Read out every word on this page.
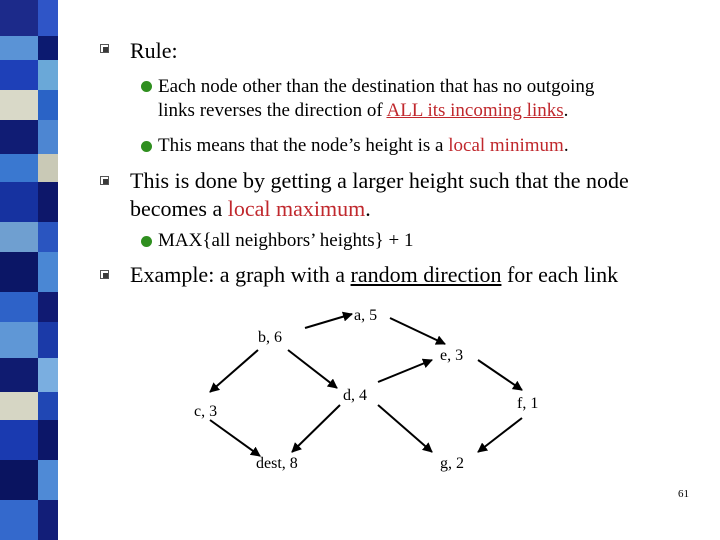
Rule:
Each node other than the destination that has no outgoing
links reverses the direction of ALL its incoming links.
This means that the node’s height is a local minimum.
This is done by getting a larger height such that the node
becomes a local maximum.
MAX{all neighbors’ heights} + 1
Example: a graph with a random direction for each link
a, 5
b, 6
e, 3
d, 4
c, 3	f, 1
dest, 8	g, 2
61
